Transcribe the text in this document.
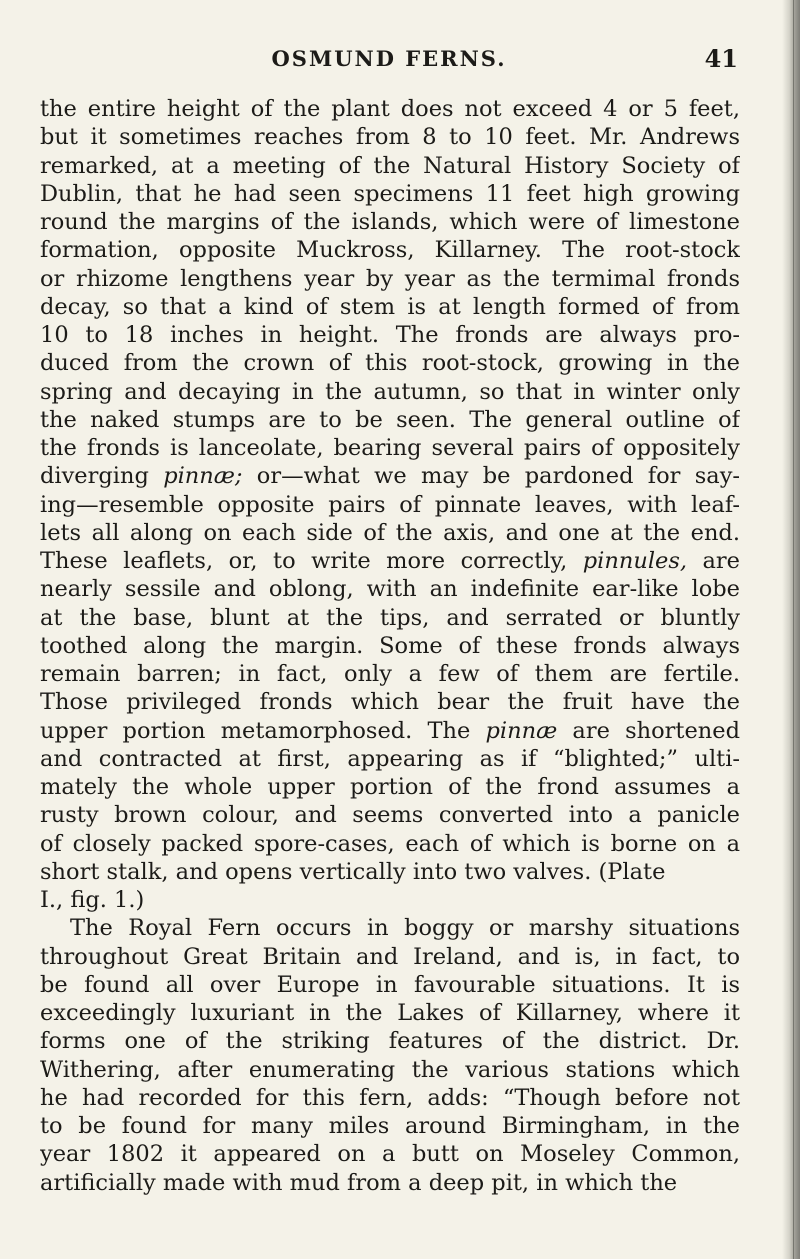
OSMUND FERNS.	41
the entire height of the plant does not exceed 4 or 5 feet,
but it sometimes reaches from 8 to 10 feet. Mr. Andrews
remarked, at a meeting of the Natural History Society of
Dublin, that he had seen specimens 11 feet high growing
round the margins of the islands, which were of limestone
formation, opposite Muckross, Killarney. The root-stock
or rhizome lengthens year by year as the termimal fronds
decay, so that a kind of stem is at length formed of from
10 to 18 inches in height. The fronds are always pro-
duced from the crown of this root-stock, growing in the
spring and decaying in the autumn, so that in winter only
the naked stumps are to be seen. The general outline of
the fronds is lanceolate, bearing several pairs of oppositely
diverging pinnæ; or—what we may be pardoned for say-
ing—resemble opposite pairs of pinnate leaves, with leaf-
lets all along on each side of the axis, and one at the end.
These leaflets, or, to write more correctly, pinnules, are
nearly sessile and oblong, with an indefinite ear-like lobe
at the base, blunt at the tips, and serrated or bluntly
toothed along the margin. Some of these fronds always
remain barren; in fact, only a few of them are fertile.
Those privileged fronds which bear the fruit have the
upper portion metamorphosed. The pinnæ are shortened
and contracted at first, appearing as if “blighted;” ulti-
mately the whole upper portion of the frond assumes a
rusty brown colour, and seems converted into a panicle
of closely packed spore-cases, each of which is borne on a
short stalk, and opens vertically into two valves. (Plate
I., fig. 1.)
The Royal Fern occurs in boggy or marshy situations
throughout Great Britain and Ireland, and is, in fact, to
be found all over Europe in favourable situations. It is
exceedingly luxuriant in the Lakes of Killarney, where it
forms one of the striking features of the district. Dr.
Withering, after enumerating the various stations which
he had recorded for this fern, adds: “Though before not
to be found for many miles around Birmingham, in the
year 1802 it appeared on a butt on Moseley Common,
artificially made with mud from a deep pit, in which the
